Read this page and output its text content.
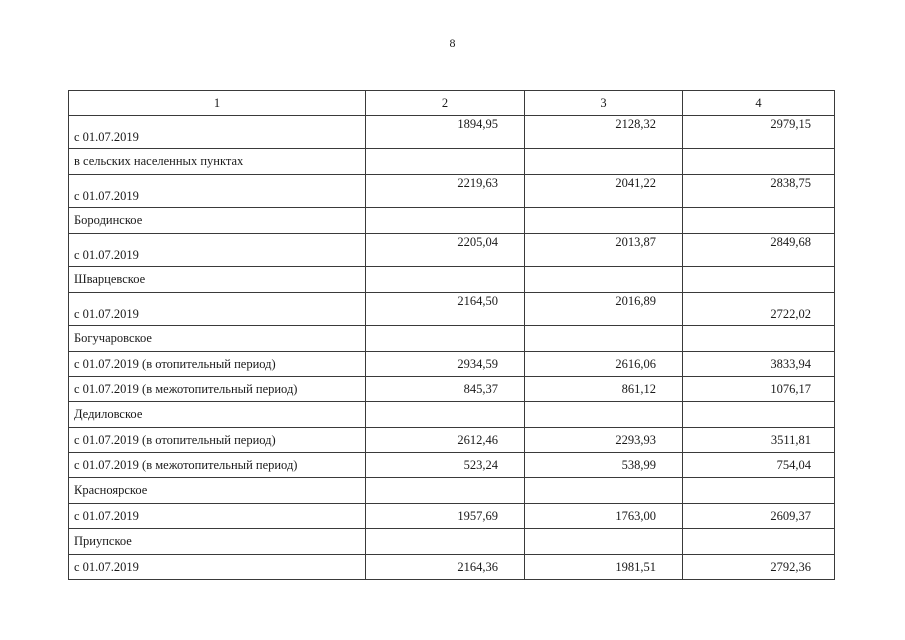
8
1	2	3	4
с 01.07.2019	1894,95	2128,32	2979,15
в сельских населенных пунктах			
с 01.07.2019	2219,63	2041,22	2838,75
Бородинское			
с 01.07.2019	2205,04	2013,87	2849,68
Шварцевское			
с 01.07.2019	2164,50	2016,89	2722,02
Богучаровское			
с 01.07.2019 (в отопительный период)	2934,59	2616,06	3833,94
с 01.07.2019 (в межотопительный период)	845,37	861,12	1076,17
Дедиловское			
с 01.07.2019 (в отопительный период)	2612,46	2293,93	3511,81
с 01.07.2019 (в межотопительный период)	523,24	538,99	754,04
Красноярское			
с 01.07.2019	1957,69	1763,00	2609,37
Приупское			
с 01.07.2019	2164,36	1981,51	2792,36
